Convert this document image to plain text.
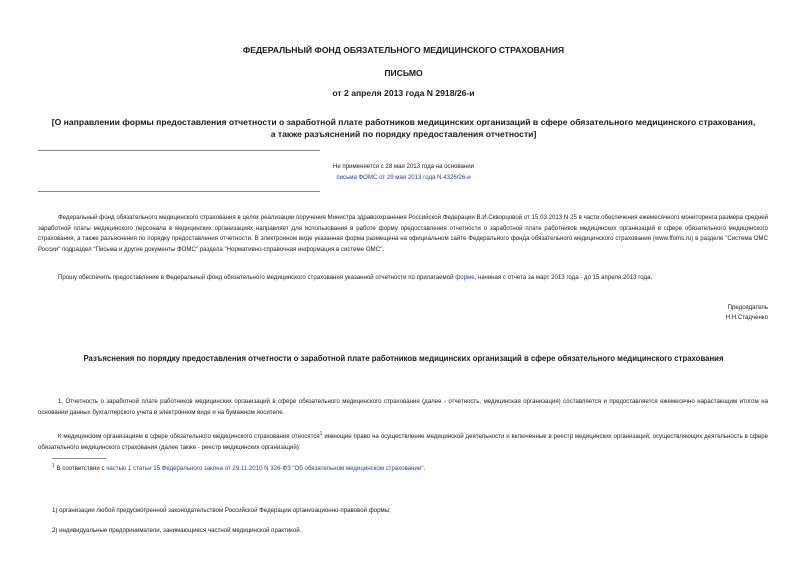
ФЕДЕРАЛЬНЫЙ ФОНД ОБЯЗАТЕЛЬНОГО МЕДИЦИНСКОГО СТРАХОВАНИЯ
ПИСЬМО
от 2 апреля 2013 года N 2918/26-и
[О направлении формы предоставления отчетности о заработной плате работников медицинских организаций в сфере обязательного медицинского страхования,
а также разъяснений по порядку предоставления отчетности]
Не применяется с 28 мая 2013 года на основании
письма ФОМС от 29 мая 2013 года N 4326/26-и
Федеральный фонд обязательного медицинского страхования в целях реализации поручения Министра здравоохранения Российской Федерации В.И.Скворцовой от 15.03.2013 N 25 в части обеспечения ежемесячного мониторинга размера средней заработной платы медицинского персонала в медицинских организациях направляет для использования в работе форму предоставления отчетности о заработной плате работников медицинских организаций в сфере обязательного медицинского страхования, а также разъяснения по порядку предоставления отчетности. В электронном виде указанная форма размещена на официальном сайте Федерального фонда обязательного медицинского страхования (www.ffoms.ru) в разделе "Система ОМС России" подраздел "Письма и другие документы ФОМС" раздела "Нормативно-справочная информация в системе ОМС".
Прошу обеспечить предоставление в Федеральный фонд обязательного медицинского страхования указанной отчетности по прилагаемой форме, начиная с отчета за март 2013 года - до 15 апреля 2013 года.
Председатель
Н.Н.Стадченко
Разъяснения по порядку предоставления отчетности о заработной плате работников медицинских организаций в сфере обязательного медицинского страхования
1. Отчетность о заработной плате работников медицинских организаций в сфере обязательного медицинского страхования (далее - отчетность, медицинская организация) составляется и предоставляется ежемесячно нарастающим итогом на основании данных бухгалтерского учета в электронном виде и на бумажном носителе.
К медицинским организациям в сфере обязательного медицинского страхования относятся$^1$ имеющие право на осуществление медицинской деятельности и включенные в реестр медицинских организаций, осуществляющих деятельность в сфере обязательного медицинского страхования (далее также - реестр медицинских организаций):
$^1$ В соответствии с частью 1 статьи 15 Федерального закона от 29.11.2010 N 326-ФЗ "Об обязательном медицинском страховании".
1) организации любой предусмотренной законодательством Российской Федерации организационно-правовой формы;
2) индивидуальные предприниматели, занимающиеся частной медицинской практикой.
